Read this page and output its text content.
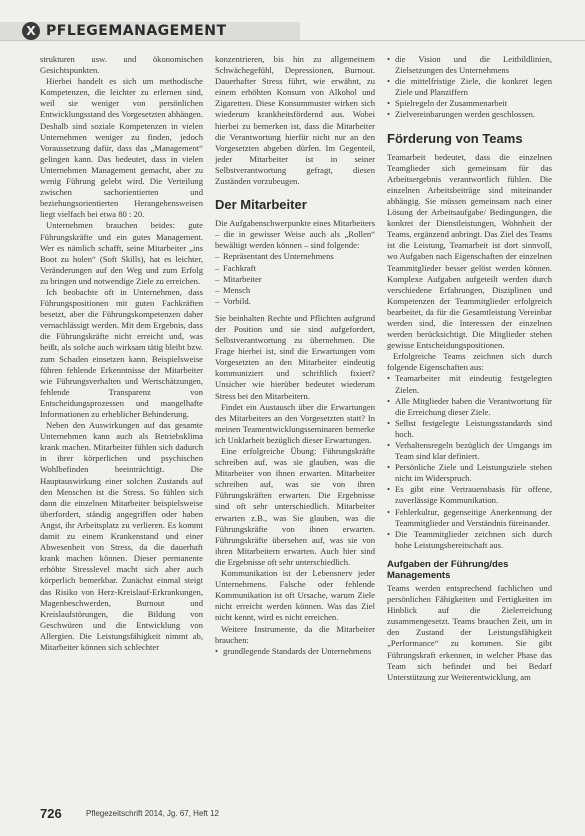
X PFLEGEMANAGEMENT

strukturen usw. und ökonomischen Gesichtspunkten.

Hierbei handelt es sich um methodische Kompetenzen, die leichter zu erlernen sind, weil sie weniger von persönlichen Entwicklungsstand des Vorgesetzten abhängen. Deshalb sind soziale Kompetenzen in vielen Unternehmen weniger zu finden, jedoch Voraussetzung dafür, dass das „Management“ gelingen kann. Das bedeutet, dass in vielen Unternehmen Management gemacht, aber zu wenig Führung gelebt wird. Die Verteilung zwischen sachorientierten und beziehungsorientierten Herangehensweisen liegt vielfach bei etwa 80 : 20.

Unternehmen brauchen beides: gute Führungskräfte und ein gutes Management. Wer es nämlich schafft, seine Mitarbeiter „ins Boot zu holen“ (Soft Skills), hat es leichter, Veränderungen auf den Weg und zum Erfolg zu bringen und notwendige Ziele zu erreichen.

Ich beobachte oft in Unternehmen, dass Führungspositionen mit guten Fachkräften besetzt, aber die Führungskompetenzen daher vernachlässigt werden. Mit dem Ergebnis, dass die Führungskräfte nicht erreicht und, was heißt, als solche auch wirksam tätig bleibt bzw. zum Schaden einsetzen kann. Beispielsweise führen fehlende Erkenntnisse der Mitarbeiter wie Führungsverhalten und Wertschätzungen, fehlende Transparenz von Entscheidungsprozessen und mangelhafte Informationen zu erheblicher Behinderung.

Neben den Auswirkungen auf das gesamte Unternehmen kann auch als Betriebsklima krank machen. Mitarbeiter fühlen sich dadurch in ihrer körperlichen und psychischen Wohlbefinden beeinträchtigt. Die Hauptauswirkung einer solchen Zustands auf den Menschen ist die Stress. So fühlen sich dann die einzelnen Mitarbeiter beispielsweise überfordert, ständig angegriffen oder haben Angst, ihr Arbeitsplatz zu verlieren. Es kommt damit zu einem Krankenstand und einer Abwesenheit von Stress, da die dauerhaft krank machen können. Dieser permanente erhöhte Stresslevel macht sich aber auch körperlich bemerkbar. Zunächst einmal steigt das Risiko von Herz-Kreislauf-Erkrankungen, Magenbeschwerden, Burnout und Kreislaufstörungen, die Bildung von Geschwüren und die Entwicklung von Allergien. Die Leistungsfähigkeit nimmt ab, Mitarbeiter können sich schlechter

konzentrieren, bis hin zu allgemeinem Schwächegefühl, Depressionen, Burnout. Dauerhafter Stress führt, wie erwähnt, zu einem erhöhten Konsum von Alkohol und Zigaretten. Diese Konsummuster wirken sich wiederum krankheitsfördernd aus. Wobei hierbei zu bemerken ist, dass die Mitarbeiter die Verantwortung hierfür nicht nur an den Vorgesetzten abgeben dürfen. Im Gegenteil, jeder Mitarbeiter ist in seiner Selbstverantwortung gefragt, diesen Zuständen vorzubeugen.

Der Mitarbeiter

Die Aufgabenschwerpunkte eines Mitarbeiters – die in gewisser Weise auch als „Rollen“ bewältigt werden können – sind folgende:

– Repräsentant des Unternehmens
– Fachkraft
– Mitarbeiter
– Mensch
– Vorbild.

Sie beinhalten Rechte und Pflichten aufgrund der Position und sie sind aufgefordert, Selbstverantwortung zu übernehmen. Die Frage hierbei ist, sind die Erwartungen vom Vorgesetzten an den Mitarbeiter eindeutig kommuniziert und schriftlich fixiert? Unsicher wie hierüber bedeutet wiederum Stress bei den Mitarbeitern.

Findet ein Austausch über die Erwartungen des Mitarbeiters an den Vorgesetzten statt? In meinen Teamentwicklungsseminaren bemerke ich Unklarheit bezüglich dieser Erwartungen.

Eine erfolgreiche Übung: Führungskräfte schreiben auf, was sie glauben, was die Mitarbeiter von ihnen erwarten. Mitarbeiter schreiben auf, was sie von ihren Führungskräften erwarten. Die Ergebnisse sind oft sehr unterschiedlich. Mitarbeiter erwarten z.B., was Sie glauben, was die Führungskräfte von ihnen erwarten. Führungskräfte übersehen auf, was sie von ihren Mitarbeitern erwarten. Auch hier sind die Ergebnisse oft sehr unterschiedlich.

Kommunikation ist der Lebensnerv jeder Unternehmens. Falsche oder fehlende Kommunikation ist oft Ursache, warum Ziele nicht erreicht werden können. Was das Ziel nicht kennt, wird es nicht erreichen.

Weitere Instrumente, da die Mitarbeiter brauchen:

• grundlegende Standards der Unternehmens
• die Vision und die Leitbildlinien, Zielsetzungen des Unternehmens
• die mittelfristige Ziele, die konkret legen Ziele und Planziffern
• Spielregeln der Zusammenarbeit
• Zielvereinbarungen werden geschlossen.
Förderung von Teams

Teamarbeit bedeutet, dass die einzelnen Teamglieder sich gemeinsam für das Arbeitsergebnis verantwortlich fühlen. Die einzelnen Arbeitsbeiträge sind miteinander abhängig. Sie müssen gemeinsam nach einer Lösung der Arbeitsaufgabe/ Bedingungen, die konkret der Dienstleistungen, Wohnheit der Teams, ergänzend anbringt. Das Ziel des Teams ist die Leistung, Teamarbeit ist dort sinnvoll, wo Aufgaben nach Eigenschaften der einzelnen Teammitglieder besser gelöst werden können. Komplexe Aufgaben aufgeteilt werden durch verschiedene Erfahrungen, Disziplinen und Kompetenzen der Teammitglieder erfolgreich bearbeitet, da für die Gesamtleistung Vereinbar werden sind, die Interessen der einzelnen werden berücksichtigt. Die Mitglieder stehen gewisse Entscheidungspositionen.

Erfolgreiche Teams zeichnen sich durch folgende Eigenschaften aus:

• Teamarbeiter mit eindeutig festgelegten Zielen.
• Alle Mitglieder haben die Verantwortung für die Erreichung dieser Ziele.
• Selbst festgelegte Leistungsstandards sind hoch.
• Verhaltensregeln bezüglich der Umgangs im Team sind klar definiert.
• Persönliche Ziele und Leistungsziele stehen nicht im Widerspruch.
• Es gibt eine Vertrauensbasis für offene, zuverlässige Kommunikation.
• Fehlerkultur, gegenseitige Anerkennung der Teammitglieder und Verständnis füreinander.
• Die Teammitglieder zeichnen sich durch hohe Leistungsbereitschaft aus.
Aufgaben der Führung/des Managements

Teams werden entsprechend fachlichen und persönlichen Fähigkeiten und Fertigkeiten im Hinblick auf die Zielerreichung zusammengesetzt. Teams brauchen Zeit, um in den Zustand der Leistungsfähigkeit „Performance“ zu kommen. Sie gibt Führungskraft erkennen, in welcher Phase das Team sich befindet und bei Bedarf Unterstützung zur Weiterentwicklung, am

726	Pflegezeitschrift 2014, Jg. 67, Heft 12
